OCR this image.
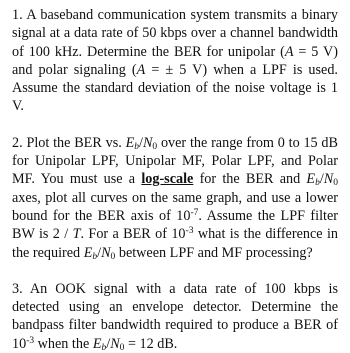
1. A baseband communication system transmits a binary signal at a data rate of 50 kbps over a channel bandwidth of 100 kHz. Determine the BER for unipolar (A = 5 V) and polar signaling (A = ± 5 V) when a LPF is used. Assume the standard deviation of the noise voltage is 1 V.

2. Plot the BER vs. $E_b/N_0$ over the range from 0 to 15 dB for Unipolar LPF, Unipolar MF, Polar LPF, and Polar MF. You must use a log-scale for the BER and $E_b/N_0$ axes, plot all curves on the same graph, and use a lower bound for the BER axis of $10^{-7}$. Assume the LPF filter BW is 2 / T. For a BER of $10^{-3}$ what is the difference in the required $E_b/N_0$ between LPF and MF processing?

3. An OOK signal with a data rate of 100 kbps is detected using an envelope detector. Determine the bandpass filter bandwidth required to produce a BER of $10^{-3}$ when the $E_b/N_0 = 12$ dB.
